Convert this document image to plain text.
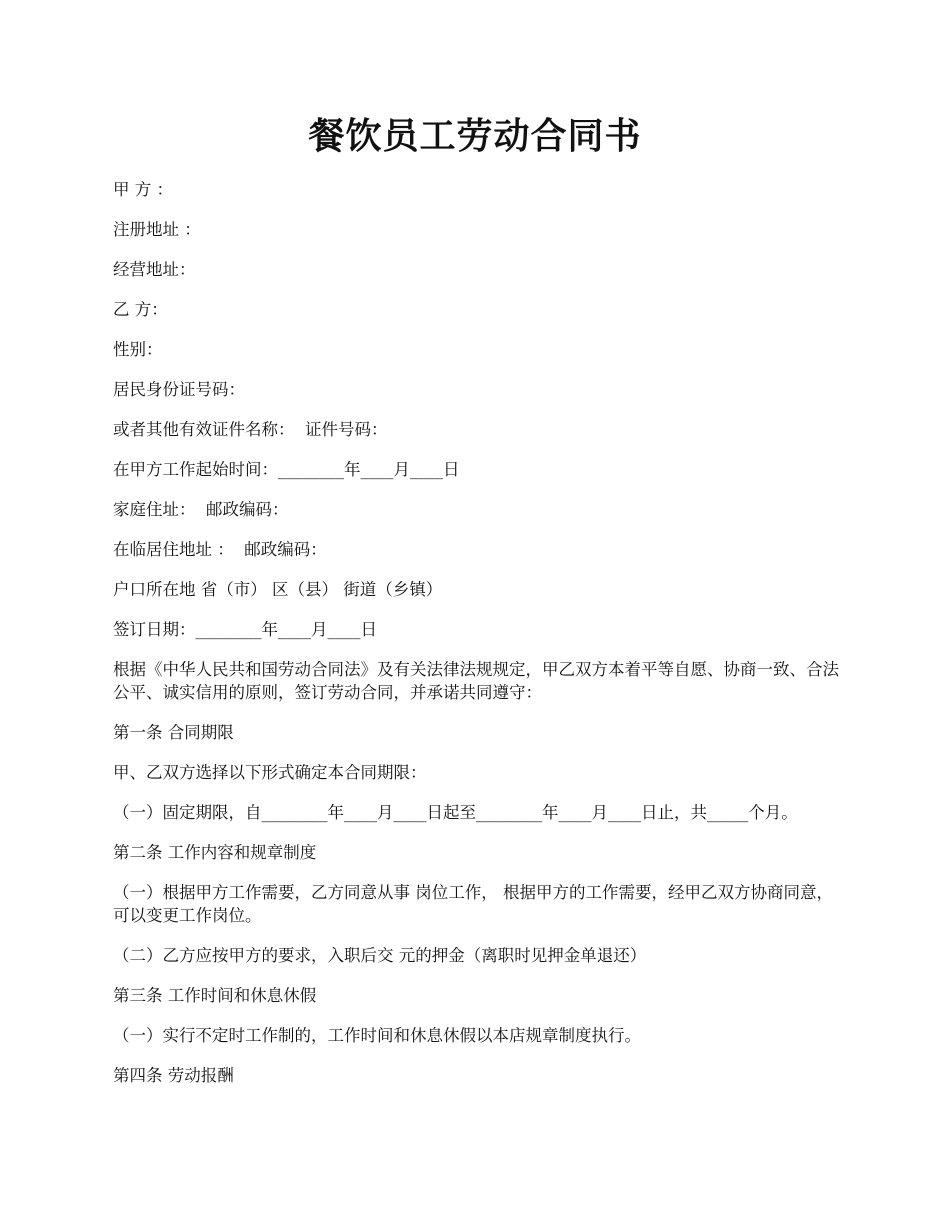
餐饮员工劳动合同书

甲 方 ：

注册地址 ：

经营地址：

乙 方：

性别：

居民身份证号码：

或者其他有效证件名称：  证件号码：

在甲方工作起始时间：________年____月____日

家庭住址：  邮政编码：

在临居住地址 ：  邮政编码：

户口所在地 省（市） 区（县） 街道（乡镇）

签订日期：________年____月____日

根据《中华人民共和国劳动合同法》及有关法律法规规定，甲乙双方本着平等自愿、协商一致、合法公平、诚实信用的原则，签订劳动合同，并承诺共同遵守：

第一条 合同期限

甲、乙双方选择以下形式确定本合同期限：

（一）固定期限，自________年____月____日起至________年____月____日止，共_____个月。

第二条 工作内容和规章制度

（一）根据甲方工作需要，乙方同意从事 岗位工作， 根据甲方的工作需要，经甲乙双方协商同意，可以变更工作岗位。

（二）乙方应按甲方的要求，入职后交 元的押金（离职时见押金单退还）

第三条 工作时间和休息休假

（一）实行不定时工作制的，工作时间和休息休假以本店规章制度执行。

第四条 劳动报酬
